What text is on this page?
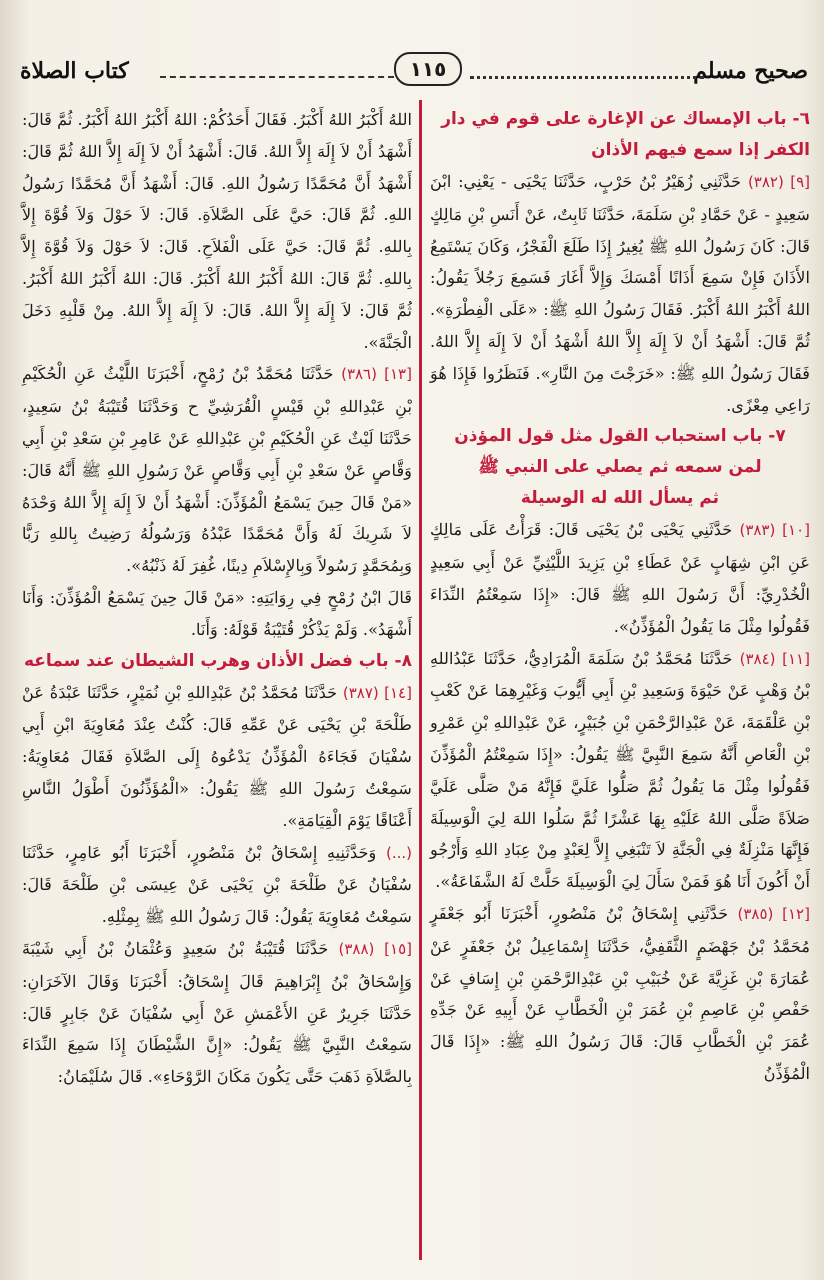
صحيح مسلم
١١٥
كتاب الصلاة

٦- باب الإمساك عن الإغارة على قوم في دار الكفر إذا سمع فيهم الأذان

[٩] (٣٨٢) حَدَّثَنِي زُهَيْرُ بْنُ حَرْبٍ، حَدَّثَنَا يَحْيَى - يَعْنِي: ابْنَ سَعِيدٍ - عَنْ حَمَّادِ بْنِ سَلَمَةَ، حَدَّثَنَا ثَابِتٌ، عَنْ أَنَسِ بْنِ مَالِكٍ قَالَ: كَانَ رَسُولُ اللهِ ﷺ يُغِيرُ إِذَا طَلَعَ الْفَجْرُ، وَكَانَ يَسْتَمِعُ الأَذَانَ فَإِنْ سَمِعَ أَذَانًا أَمْسَكَ وَإِلاَّ أَغَارَ فَسَمِعَ رَجُلاً يَقُولُ: اللهُ أَكْبَرُ اللهُ أَكْبَرُ. فَقَالَ رَسُولُ اللهِ ﷺ: «عَلَى الْفِطْرَةِ». ثُمَّ قَالَ: أَشْهَدُ أَنْ لاَ إِلَهَ إِلاَّ اللهُ أَشْهَدُ أَنْ لاَ إِلَهَ إِلاَّ اللهُ. فَقَالَ رَسُولُ اللهِ ﷺ: «خَرَجْتَ مِنَ النَّارِ». فَنَظَرُوا فَإِذَا هُوَ رَاعِي مِعْزًى.

٧- باب استحباب القول مثل قول المؤذن

لمن سمعه ثم يصلي على النبي ﷺ

ثم يسأل الله له الوسيلة

[١٠] (٣٨٣) حَدَّثَنِي يَحْيَى بْنُ يَحْيَى قَالَ: قَرَأْتُ عَلَى مَالِكٍ عَنِ ابْنِ شِهَابٍ عَنْ عَطَاءِ بْنِ يَزِيدَ اللَّيْثِيِّ عَنْ أَبِي سَعِيدٍ الْخُدْرِيِّ: أَنَّ رَسُولَ اللهِ ﷺ قَالَ: «إِذَا سَمِعْتُمُ النِّدَاءَ فَقُولُوا مِثْلَ مَا يَقُولُ الْمُؤَذِّنُ».

[١١] (٣٨٤) حَدَّثَنَا مُحَمَّدُ بْنُ سَلَمَةَ الْمُرَادِيُّ، حَدَّثَنَا عَبْدُاللهِ بْنُ وَهْبٍ عَنْ حَيْوَةَ وَسَعِيدِ بْنِ أَبِي أَيُّوبَ وَغَيْرِهِمَا عَنْ كَعْبِ بْنِ عَلْقَمَةَ، عَنْ عَبْدِالرَّحْمَنِ بْنِ جُبَيْرٍ، عَنْ عَبْدِاللهِ بْنِ عَمْرِو بْنِ الْعَاصِ أَنَّهُ سَمِعَ النَّبِيَّ ﷺ يَقُولُ: «إِذَا سَمِعْتُمُ الْمُؤَذِّنَ فَقُولُوا مِثْلَ مَا يَقُولُ ثُمَّ صَلُّوا عَلَيَّ فَإِنَّهُ مَنْ صَلَّى عَلَيَّ صَلاَةً صَلَّى اللهُ عَلَيْهِ بِهَا عَشْرًا ثُمَّ سَلُوا اللهَ لِيَ الْوَسِيلَةَ فَإِنَّهَا مَنْزِلَةٌ فِي الْجَنَّةِ لاَ تَنْبَغِي إِلاَّ لِعَبْدٍ مِنْ عِبَادِ اللهِ وَأَرْجُو أَنْ أَكُونَ أَنَا هُوَ فَمَنْ سَأَلَ لِيَ الْوَسِيلَةَ حَلَّتْ لَهُ الشَّفَاعَةُ».

[١٢] (٣٨٥) حَدَّثَنِي إِسْحَاقُ بْنُ مَنْصُورٍ، أَخْبَرَنَا أَبُو جَعْفَرٍ مُحَمَّدُ بْنُ جَهْضَمٍ الثَّقَفِيُّ، حَدَّثَنَا إِسْمَاعِيلُ بْنُ جَعْفَرٍ عَنْ عُمَارَةَ بْنِ غَزِيَّةَ عَنْ خُبَيْبِ بْنِ عَبْدِالرَّحْمَنِ بْنِ إِسَافٍ عَنْ حَفْصِ بْنِ عَاصِمِ بْنِ عُمَرَ بْنِ الْخَطَّابِ عَنْ أَبِيهِ عَنْ جَدِّهِ عُمَرَ بْنِ الْخَطَّابِ قَالَ: قَالَ رَسُولُ اللهِ ﷺ: «إِذَا قَالَ الْمُؤَذِّنُ

اللهُ أَكْبَرُ اللهُ أَكْبَرُ. فَقَالَ أَحَدُكُمْ: اللهُ أَكْبَرُ اللهُ أَكْبَرُ. ثُمَّ قَالَ: أَشْهَدُ أَنْ لاَ إِلَهَ إِلاَّ اللهُ. قَالَ: أَشْهَدُ أَنْ لاَ إِلَهَ إِلاَّ اللهُ ثُمَّ قَالَ: أَشْهَدُ أَنَّ مُحَمَّدًا رَسُولُ اللهِ. قَالَ: أَشْهَدُ أَنَّ مُحَمَّدًا رَسُولُ اللهِ. ثُمَّ قَالَ: حَيَّ عَلَى الصَّلاَةِ. قَالَ: لاَ حَوْلَ وَلاَ قُوَّةَ إِلاَّ بِاللهِ. ثُمَّ قَالَ: حَيَّ عَلَى الْفَلاَحِ. قَالَ: لاَ حَوْلَ وَلاَ قُوَّةَ إِلاَّ بِاللهِ. ثُمَّ قَالَ: اللهُ أَكْبَرُ اللهُ أَكْبَرُ. قَالَ: اللهُ أَكْبَرُ اللهُ أَكْبَرُ. ثُمَّ قَالَ: لاَ إِلَهَ إِلاَّ اللهُ. قَالَ: لاَ إِلَهَ إِلاَّ اللهُ. مِنْ قَلْبِهِ دَخَلَ الْجَنَّةَ».

[١٣] (٣٨٦) حَدَّثَنَا مُحَمَّدُ بْنُ رُمْحٍ، أَخْبَرَنَا اللَّيْثُ عَنِ الْحُكَيْمِ بْنِ عَبْدِاللهِ بْنِ قَيْسٍ الْقُرَشِيِّ ح وَحَدَّثَنَا قُتَيْبَةُ بْنُ سَعِيدٍ، حَدَّثَنَا لَيْثٌ عَنِ الْحُكَيْمِ بْنِ عَبْدِاللهِ عَنْ عَامِرِ بْنِ سَعْدِ بْنِ أَبِي وَقَّاصٍ عَنْ سَعْدِ بْنِ أَبِي وَقَّاصٍ عَنْ رَسُولِ اللهِ ﷺ أَنَّهُ قَالَ: «مَنْ قَالَ حِينَ يَسْمَعُ الْمُؤَذِّنَ: أَشْهَدُ أَنْ لاَ إِلَهَ إِلاَّ اللهُ وَحْدَهُ لاَ شَرِيكَ لَهُ وَأَنَّ مُحَمَّدًا عَبْدُهُ وَرَسُولُهُ رَضِيتُ بِاللهِ رَبًّا وَبِمُحَمَّدٍ رَسُولاً وَبِالإِسْلاَمِ دِينًا، غُفِرَ لَهُ ذَنْبُهُ».

قَالَ ابْنُ رُمْحٍ فِي رِوَايَتِهِ: «مَنْ قَالَ حِينَ يَسْمَعُ الْمُؤَذِّنَ: وَأَنَا أَشْهَدُ». وَلَمْ يَذْكُرْ قُتَيْبَةُ قَوْلَهُ: وَأَنَا.

٨- باب فضل الأذان وهرب الشيطان عند سماعه

[١٤] (٣٨٧) حَدَّثَنَا مُحَمَّدُ بْنُ عَبْدِاللهِ بْنِ نُمَيْرٍ، حَدَّثَنَا عَبْدَةُ عَنْ طَلْحَةَ بْنِ يَحْيَى عَنْ عَمِّهِ قَالَ: كُنْتُ عِنْدَ مُعَاوِيَةَ ابْنِ أَبِي سُفْيَانَ فَجَاءَهُ الْمُؤَذِّنُ يَدْعُوهُ إِلَى الصَّلاَةِ فَقَالَ مُعَاوِيَةُ: سَمِعْتُ رَسُولَ اللهِ ﷺ يَقُولُ: «الْمُؤَذِّنُونَ أَطْوَلُ النَّاسِ أَعْنَاقًا يَوْمَ الْقِيَامَةِ».

(...) وَحَدَّثَنِيهِ إِسْحَاقُ بْنُ مَنْصُورٍ، أَخْبَرَنَا أَبُو عَامِرٍ، حَدَّثَنَا سُفْيَانُ عَنْ طَلْحَةَ بْنِ يَحْيَى عَنْ عِيسَى بْنِ طَلْحَةَ قَالَ: سَمِعْتُ مُعَاوِيَةَ يَقُولُ: قَالَ رَسُولُ اللهِ ﷺ بِمِثْلِهِ.

[١٥] (٣٨٨) حَدَّثَنَا قُتَيْبَةُ بْنُ سَعِيدٍ وَعُثْمَانُ بْنُ أَبِي شَيْبَةَ وَإِسْحَاقُ بْنُ إِبْرَاهِيمَ قَالَ إِسْحَاقُ: أَخْبَرَنَا وَقَالَ الآخَرَانِ: حَدَّثَنَا جَرِيرٌ عَنِ الأَعْمَشِ عَنْ أَبِي سُفْيَانَ عَنْ جَابِرٍ قَالَ: سَمِعْتُ النَّبِيَّ ﷺ يَقُولُ: «إِنَّ الشَّيْطَانَ إِذَا سَمِعَ النِّدَاءَ بِالصَّلاَةِ ذَهَبَ حَتَّى يَكُونَ مَكَانَ الرَّوْحَاءِ». قَالَ سُلَيْمَانُ:
